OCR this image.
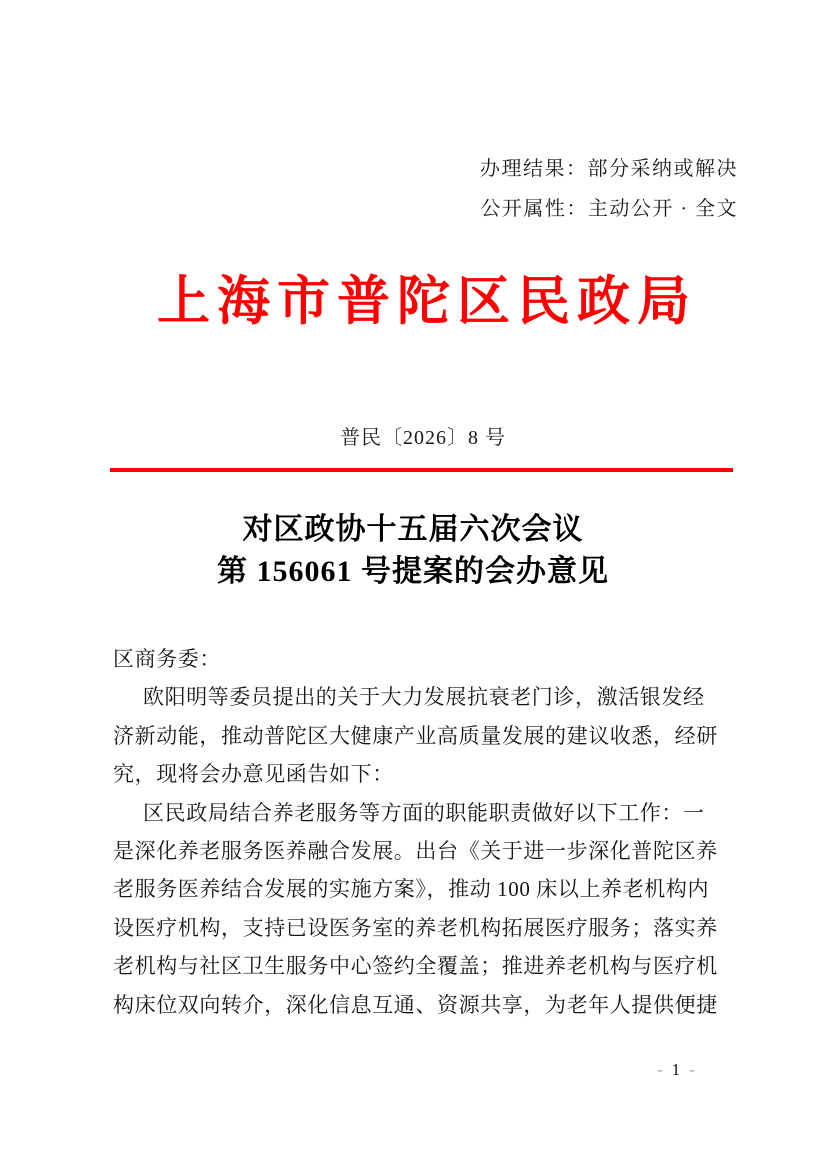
办理结果：部分采纳或解决
公开属性：主动公开 · 全文
上海市普陀区民政局
普民〔2026〕8 号
对区政协十五届六次会议
第 156061 号提案的会办意见
区商务委：
欧阳明等委员提出的关于大力发展抗衰老门诊，激活银发经
济新动能，推动普陀区大健康产业高质量发展的建议收悉，经研
究，现将会办意见函告如下：
区民政局结合养老服务等方面的职能职责做好以下工作：一
是深化养老服务医养融合发展。出台《关于进一步深化普陀区养
老服务医养结合发展的实施方案》，推动 100 床以上养老机构内
设医疗机构，支持已设医务室的养老机构拓展医疗服务；落实养
老机构与社区卫生服务中心签约全覆盖；推进养老机构与医疗机
构床位双向转介，深化信息互通、资源共享，为老年人提供便捷
- 1 -
